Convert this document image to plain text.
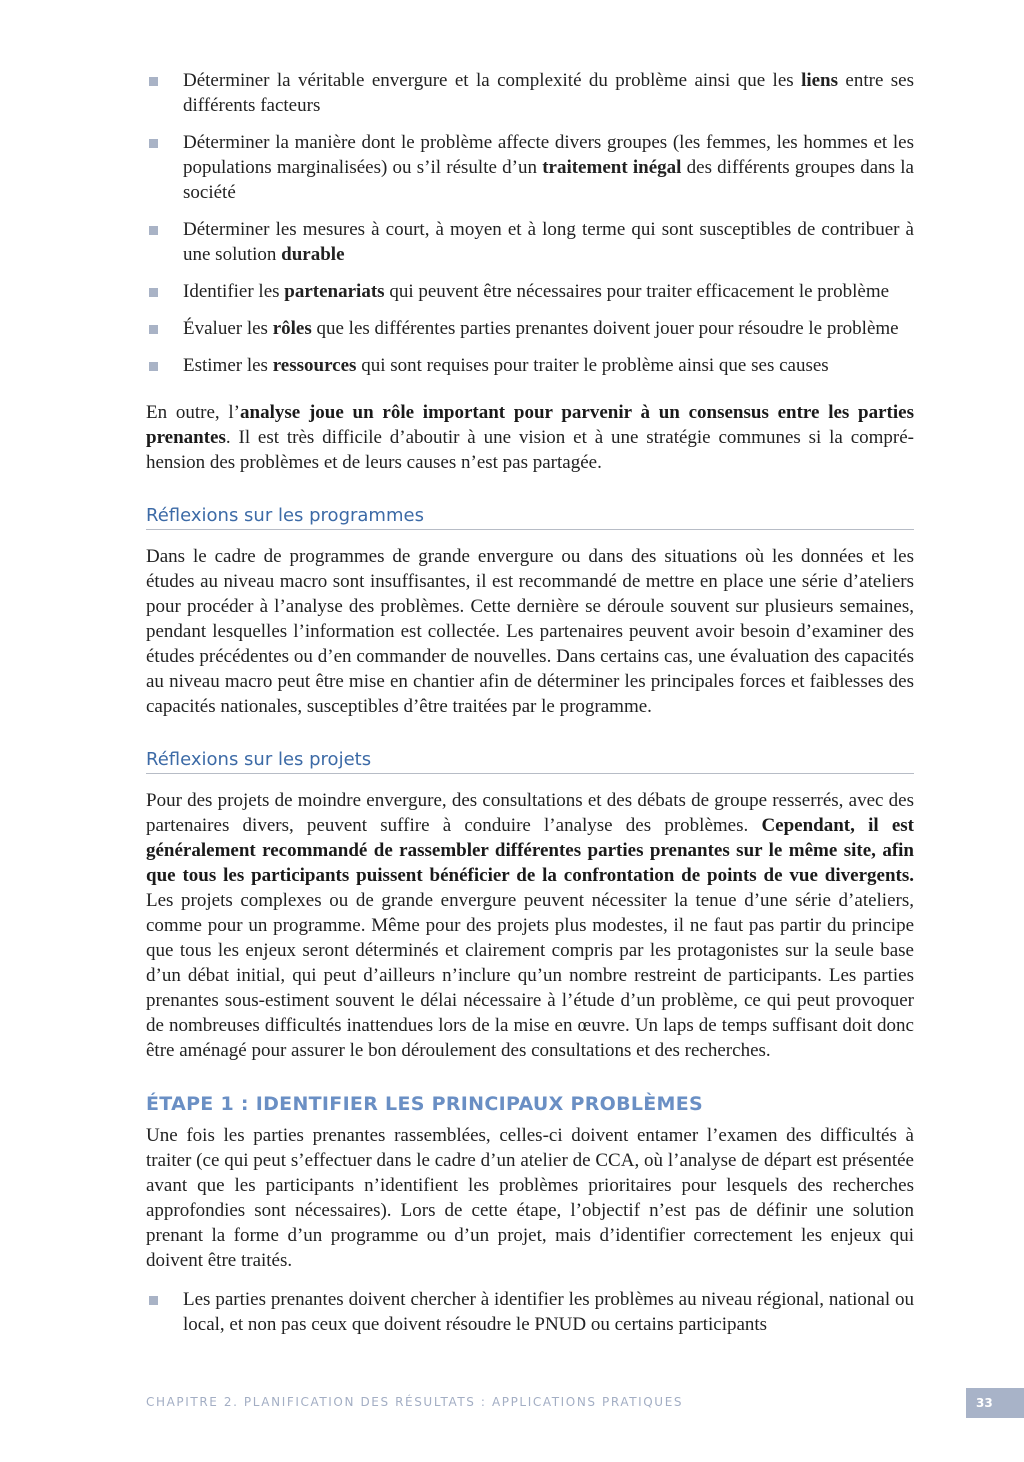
Déterminer la véritable envergure et la complexité du problème ainsi que les liens entre ses différents facteurs
Déterminer la manière dont le problème affecte divers groupes (les femmes, les hommes et les populations marginalisées) ou s’il résulte d’un traitement inégal des différents groupes dans la société
Déterminer les mesures à court, à moyen et à long terme qui sont susceptibles de contribuer à une solution durable
Identifier les partenariats qui peuvent être nécessaires pour traiter efficacement le problème
Évaluer les rôles que les différentes parties prenantes doivent jouer pour résoudre le problème
Estimer les ressources qui sont requises pour traiter le problème ainsi que ses causes

En outre, l’analyse joue un rôle important pour parvenir à un consensus entre les parties prenantes. Il est très difficile d’aboutir à une vision et à une stratégie communes si la compréhension des problèmes et de leurs causes n’est pas partagée.

Réflexions sur les programmes

Dans le cadre de programmes de grande envergure ou dans des situations où les données et les études au niveau macro sont insuffisantes, il est recommandé de mettre en place une série d’ateliers pour procéder à l’analyse des problèmes. Cette dernière se déroule souvent sur plusieurs semaines, pendant lesquelles l’information est collectée. Les partenaires peuvent avoir besoin d’examiner des études précédentes ou d’en commander de nouvelles. Dans certains cas, une évaluation des capacités au niveau macro peut être mise en chantier afin de déterminer les principales forces et faiblesses des capacités nationales, susceptibles d’être traitées par le programme.

Réflexions sur les projets

Pour des projets de moindre envergure, des consultations et des débats de groupe resserrés, avec des partenaires divers, peuvent suffire à conduire l’analyse des problèmes. Cependant, il est généralement recommandé de rassembler différentes parties prenantes sur le même site, afin que tous les participants puissent bénéficier de la confrontation de points de vue divergents. Les projets complexes ou de grande envergure peuvent nécessiter la tenue d’une série d’ateliers, comme pour un programme. Même pour des projets plus modestes, il ne faut pas partir du principe que tous les enjeux seront déterminés et clairement compris par les protagonistes sur la seule base d’un débat initial, qui peut d’ailleurs n’inclure qu’un nombre restreint de participants. Les parties prenantes sous-estiment souvent le délai nécessaire à l’étude d’un problème, ce qui peut provoquer de nombreuses difficultés inattendues lors de la mise en œuvre. Un laps de temps suffisant doit donc être aménagé pour assurer le bon déroulement des consultations et des recherches.

ÉTAPE 1 : IDENTIFIER LES PRINCIPAUX PROBLÈMES

Une fois les parties prenantes rassemblées, celles-ci doivent entamer l’examen des difficultés à traiter (ce qui peut s’effectuer dans le cadre d’un atelier de CCA, où l’analyse de départ est présentée avant que les participants n’identifient les problèmes prioritaires pour lesquels des recherches approfondies sont nécessaires). Lors de cette étape, l’objectif n’est pas de définir une solution prenant la forme d’un programme ou d’un projet, mais d’identifier correctement les enjeux qui doivent être traités.

Les parties prenantes doivent chercher à identifier les problèmes au niveau régional, national ou local, et non pas ceux que doivent résoudre le PNUD ou certains participants
CHAPITRE 2. PLANIFICATION DES RÉSULTATS : APPLICATIONS PRATIQUES	33
